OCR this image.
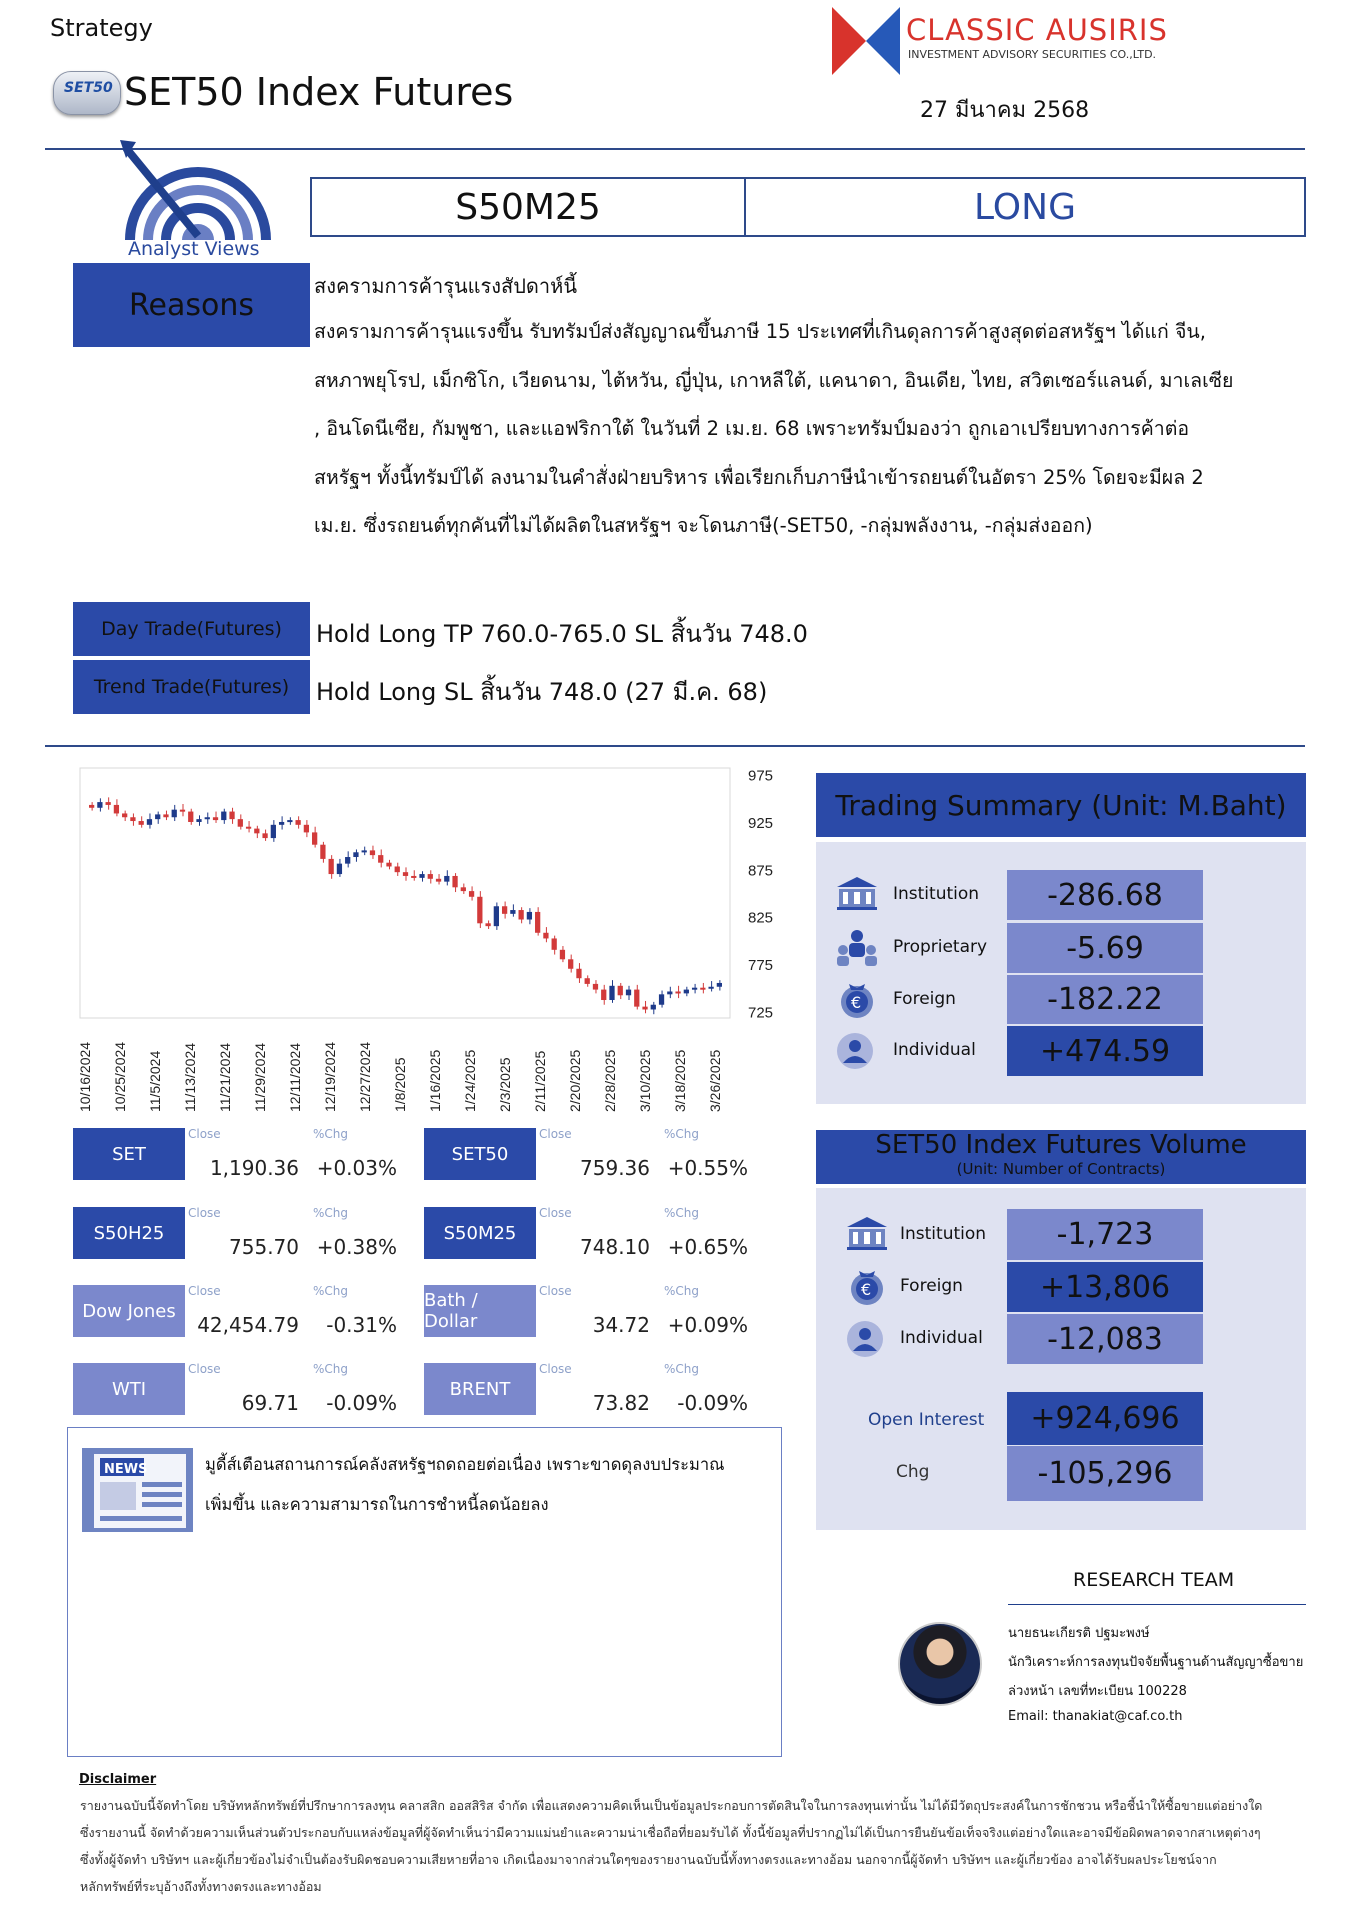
Strategy
SET50 SET50 Index Futures
CLASSIC AUSIRIS
INVESTMENT ADVISORY SECURITIES CO.,LTD.
27 มีนาคม 2568
Analyst Views
S50M25	LONG
Reasons
สงครามการค้ารุนแรงสัปดาห์นี้
สงครามการค้ารุนแรงขึ้น รับทรัมป์ส่งสัญญาณขึ้นภาษี 15 ประเทศที่เกินดุลการค้าสูงสุดต่อสหรัฐฯ ได้แก่ จีน,
สหภาพยุโรป, เม็กซิโก, เวียดนาม, ไต้หวัน, ญี่ปุ่น, เกาหลีใต้, แคนาดา, อินเดีย, ไทย, สวิตเซอร์แลนด์, มาเลเซีย
, อินโดนีเซีย, กัมพูชา, และแอฟริกาใต้ ในวันที่ 2 เม.ย. 68 เพราะทรัมป์มองว่า ถูกเอาเปรียบทางการค้าต่อ
สหรัฐฯ ทั้งนี้ทรัมป์ได้ ลงนามในคำสั่งฝ่ายบริหาร เพื่อเรียกเก็บภาษีนำเข้ารถยนต์ในอัตรา 25% โดยจะมีผล 2
เม.ย. ซึ่งรถยนต์ทุกคันที่ไม่ได้ผลิตในสหรัฐฯ จะโดนภาษี(-SET50, -กลุ่มพลังงาน, -กลุ่มส่งออก)
Day Trade(Futures)	Hold Long TP 760.0-765.0 SL สิ้นวัน 748.0
Trend Trade(Futures)	Hold Long SL สิ้นวัน 748.0 (27 มี.ค. 68)
975
925
875
825
775
725
10/16/2024 10/25/2024 11/5/2024 11/13/2024 11/21/2024 11/29/2024 12/11/2024 12/19/2024 12/27/2024 1/8/2025 1/16/2025 1/24/2025 2/3/2025 2/11/2025 2/20/2025 2/28/2025 3/10/2025 3/18/2025 3/26/2025
SET
Close	%Chg
1,190.36 +0.03%
SET50
Close	%Chg
759.36 +0.55%
S50H25
Close	%Chg
755.70 +0.38%
S50M25
Close	%Chg
748.10 +0.65%
Dow Jones
Close	%Chg
42,454.79	-0.31%
Bath / Dollar
Close	%Chg
34.72 +0.09%
WTI
Close	%Chg
69.71	-0.09%
BRENT
Close	%Chg
73.82	-0.09%
NEWS	มูดี้ส์เตือนสถานการณ์คลังสหรัฐฯถดถอยต่อเนื่อง เพราะขาดดุลงบประมาณ
เพิ่มขึ้น และความสามารถในการชำหนี้ลดน้อยลง
Trading Summary (Unit: M.Baht)
Institution	-286.68
Proprietary	-5.69
€ Foreign	-182.22
Individual	+474.59
SET50 Index Futures Volume
(Unit: Number of Contracts)
Institution	-1,723
€ Foreign	+13,806
Individual	-12,083
Open Interest	+924,696
Chg	-105,296
RESEARCH TEAM
นายธนะเกียรติ ปฐมะพงษ์
นักวิเคราะห์การลงทุนปัจจัยพื้นฐานด้านสัญญาซื้อขาย
ล่วงหน้า เลขที่ทะเบียน 100228
Email: thanakiat@caf.co.th
Disclaimer
รายงานฉบับนี้จัดทำโดย บริษัทหลักทรัพย์ที่ปรึกษาการลงทุน คลาสสิก ออสสิริส จำกัด เพื่อแสดงความคิดเห็นเป็นข้อมูลประกอบการตัดสินใจในการลงทุนเท่านั้น ไม่ได้มีวัตถุประสงค์ในการชักชวน หรือชี้นำให้ซื้อขายแต่อย่างใด
ซึ่งรายงานนี้ จัดทำด้วยความเห็นส่วนตัวประกอบกับแหล่งข้อมูลที่ผู้จัดทำเห็นว่ามีความแม่นยำและความน่าเชื่อถือที่ยอมรับได้ ทั้งนี้ข้อมูลที่ปรากฏไม่ได้เป็นการยืนยันข้อเท็จจริงแต่อย่างใดและอาจมีข้อผิดพลาดจากสาเหตุต่างๆ
ซึ่งทั้งผู้จัดทำ บริษัทฯ และผู้เกี่ยวข้องไม่จำเป็นต้องรับผิดชอบความเสียหายที่อาจ เกิดเนื่องมาจากส่วนใดๆของรายงานฉบับนี้ทั้งทางตรงและทางอ้อม นอกจากนี้ผู้จัดทำ บริษัทฯ และผู้เกี่ยวข้อง อาจได้รับผลประโยชน์จาก
หลักทรัพย์ที่ระบุอ้างถึงทั้งทางตรงและทางอ้อม
